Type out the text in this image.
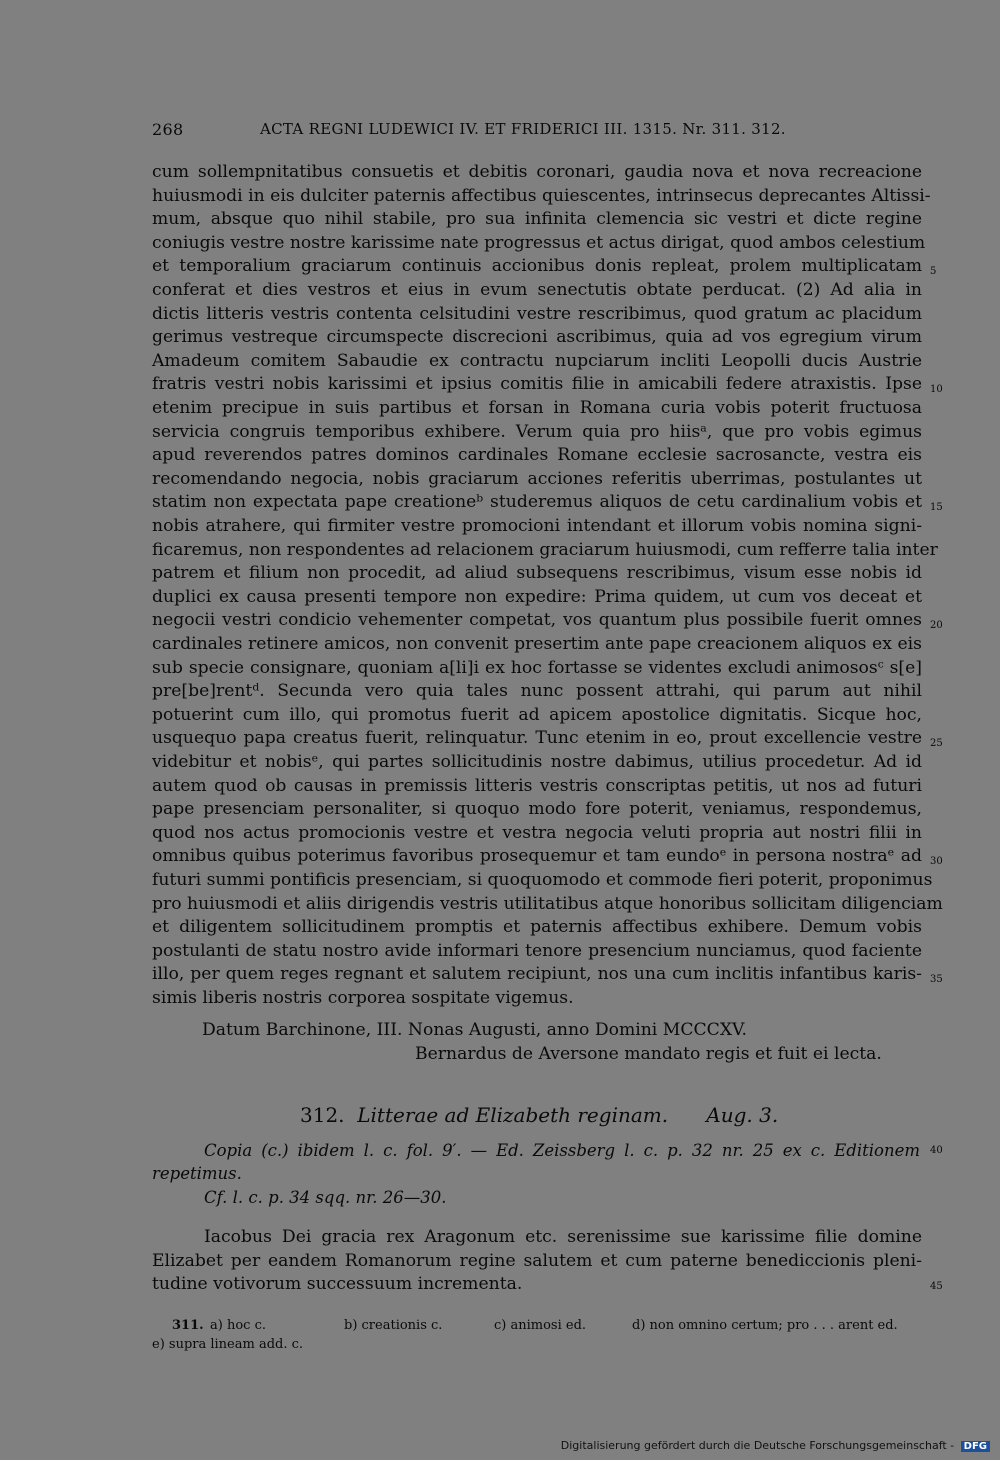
268	ACTA REGNI LUDEWICI IV. ET FRIDERICI III. 1315. Nr. 311. 312.
cum sollempnitatibus consuetis et debitis coronari, gaudia nova et nova recreacione
huiusmodi in eis dulciter paternis affectibus quiescentes, intrinsecus deprecantes Altissi-
mum, absque quo nihil stabile, pro sua infinita clemencia sic vestri et dicte regine
coniugis vestre nostre karissime nate progressus et actus dirigat, quod ambos celestium
et temporalium graciarum continuis accionibus donis repleat, prolem multiplicatam
conferat et dies vestros et eius in evum senectutis obtate perducat. (2) Ad alia in
dictis litteris vestris contenta celsitudini vestre rescribimus, quod gratum ac placidum
gerimus vestreque circumspecte discrecioni ascribimus, quia ad vos egregium virum
Amadeum comitem Sabaudie ex contractu nupciarum incliti Leopolli ducis Austrie
fratris vestri nobis karissimi et ipsius comitis filie in amicabili federe atraxistis. Ipse
etenim precipue in suis partibus et forsan in Romana curia vobis poterit fructuosa
servicia congruis temporibus exhibere. Verum quia pro hiisᵃ, que pro vobis egimus
apud reverendos patres dominos cardinales Romane ecclesie sacrosancte, vestra eis
recomendando negocia, nobis graciarum acciones referitis uberrimas, postulantes ut
statim non expectata pape creationeᵇ studeremus aliquos de cetu cardinalium vobis et
nobis atrahere, qui firmiter vestre promocioni intendant et illorum vobis nomina signi-
ficaremus, non respondentes ad relacionem graciarum huiusmodi, cum refferre talia inter
patrem et filium non procedit, ad aliud subsequens rescribimus, visum esse nobis id
duplici ex causa presenti tempore non expedire: Prima quidem, ut cum vos deceat et
negocii vestri condicio vehementer competat, vos quantum plus possibile fuerit omnes
cardinales retinere amicos, non convenit presertim ante pape creacionem aliquos ex eis
sub specie consignare, quoniam a[li]i ex hoc fortasse se videntes excludi animososᶜ s[e]
pre[be]rentᵈ. Secunda vero quia tales nunc possent attrahi, qui parum aut nihil
potuerint cum illo, qui promotus fuerit ad apicem apostolice dignitatis. Sicque hoc,
usquequo papa creatus fuerit, relinquatur. Tunc etenim in eo, prout excellencie vestre
videbitur et nobisᵉ, qui partes sollicitudinis nostre dabimus, utilius procedetur. Ad id
autem quod ob causas in premissis litteris vestris conscriptas petitis, ut nos ad futuri
pape presenciam personaliter, si quoquo modo fore poterit, veniamus, respondemus,
quod nos actus promocionis vestre et vestra negocia veluti propria aut nostri filii in
omnibus quibus poterimus favoribus prosequemur et tam eundoᵉ in persona nostraᵉ ad
futuri summi pontificis presenciam, si quoquomodo et commode fieri poterit, proponimus
pro huiusmodi et aliis dirigendis vestris utilitatibus atque honoribus sollicitam diligenciam
et diligentem sollicitudinem promptis et paternis affectibus exhibere. Demum vobis
postulanti de statu nostro avide informari tenore presencium nunciamus, quod faciente
illo, per quem reges regnant et salutem recipiunt, nos una cum inclitis infantibus karis-
simis liberis nostris corporea sospitate vigemus.
5
10
15
20
25
30
35
40
45
Datum Barchinone, III. Nonas Augusti, anno Domini MCCCXV.
Bernardus de Aversone mandato regis et fuit ei lecta.
312. Litterae ad Elizabeth reginam. Aug. 3.
Copia (c.) ibidem l. c. fol. 9′. — Ed. Zeissberg l. c. p. 32 nr. 25 ex c. Editionem
repetimus.
Cf. l. c. p. 34 sqq. nr. 26—30.
Iacobus Dei gracia rex Aragonum etc. serenissime sue karissime filie domine
Elizabet per eandem Romanorum regine salutem et cum paterne benediccionis pleni-
tudine votivorum successuum incrementa.
311. a) hoc c.	b) creationis c.	c) animosi ed.	d) non omnino certum; pro . . . arent ed.
e) supra lineam add. c.
Digitalisierung gefördert durch die Deutsche Forschungsgemeinschaft - DFG
